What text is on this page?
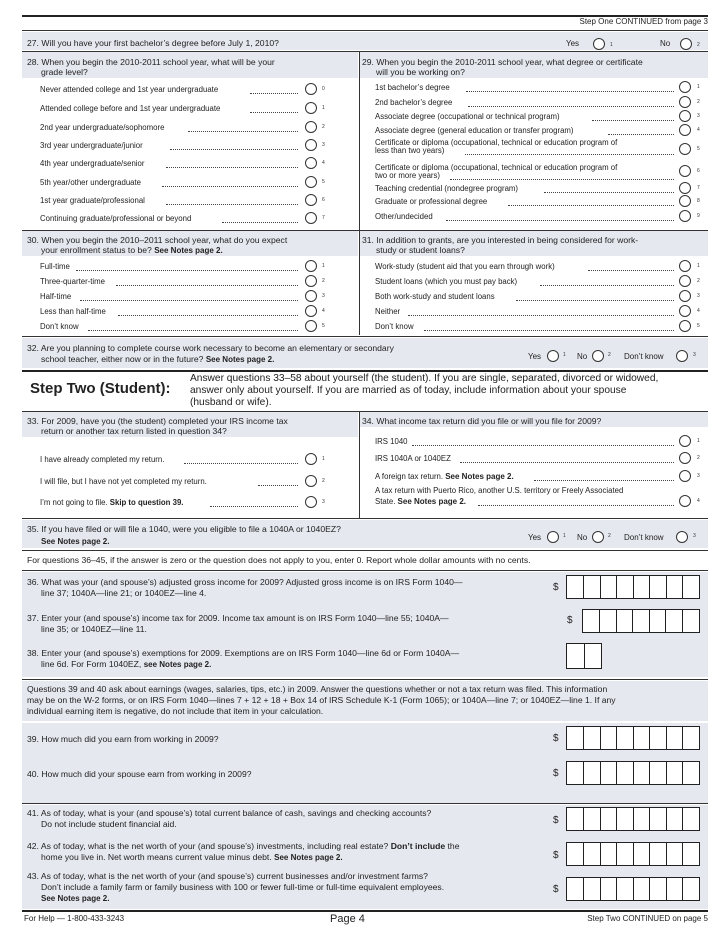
Step One CONTINUED from page 3
27. Will you have your first bachelor’s degree before July 1, 2010?	Yes	1	No	2
28. When you begin the 2010-2011 school year, what will be your
grade level?
29. When you begin the 2010-2011 school year, what degree or certificate
will you be working on?
Never attended college and 1st year undergraduate	0
Attended college before and 1st year undergraduate	1
2nd year undergraduate/sophomore	2
3rd year undergraduate/junior	3
4th year undergraduate/senior	4
5th year/other undergraduate	5
1st year graduate/professional	6
Continuing graduate/professional or beyond	7
1st bachelor’s degree	1
2nd bachelor’s degree	2
Associate degree (occupational or technical program)	3
Associate degree (general education or transfer program)	4
Certificate or diploma (occupational, technical or education program of
less than two years)	5
Certificate or diploma (occupational, technical or education program of
two or more years)	6
Teaching credential (nondegree program)	7
Graduate or professional degree	8
Other/undecided	9
30. When you begin the 2010–2011 school year, what do you expect
your enrollment status to be? See Notes page 2.
31. In addition to grants, are you interested in being considered for work-
study or student loans?
Full-time	1
Three-quarter-time	2
Half-time	3
Less than half-time	4
Don’t know	5
Work-study (student aid that you earn through work)	1
Student loans (which you must pay back)	2
Both work-study and student loans	3
Neither	4
Don’t know	5
32. Are you planning to complete course work necessary to become an elementary or secondary
school teacher, either now or in the future? See Notes page 2.	Yes	1 No	2 Don’t know	3
Step Two (Student):
Answer questions 33–58 about yourself (the student). If you are single, separated, divorced or widowed,
answer only about yourself. If you are married as of today, include information about your spouse
(husband or wife).
33. For 2009, have you (the student) completed your IRS income tax
return or another tax return listed in question 34?
34. What income tax return did you file or will you file for 2009?
I have already completed my return.	1
I will file, but I have not yet completed my return.	2
I’m not going to file. Skip to question 39.	3
IRS 1040	1
IRS 1040A or 1040EZ	2
A foreign tax return. See Notes page 2.	3
A tax return with Puerto Rico, another U.S. territory or Freely Associated
State. See Notes page 2.	4
35. If you have filed or will file a 1040, were you eligible to file a 1040A or 1040EZ?
See Notes page 2.	Yes	1 No	2 Don’t know	3
For questions 36–45, if the answer is zero or the question does not apply to you, enter 0. Report whole dollar amounts with no cents.
36. What was your (and spouse’s) adjusted gross income for 2009? Adjusted gross income is on IRS Form 1040—
line 37; 1040A—line 21; or 1040EZ—line 4.	$
37. Enter your (and spouse’s) income tax for 2009. Income tax amount is on IRS Form 1040—line 55; 1040A—
line 35; or 1040EZ—line 11.
$
38. Enter your (and spouse’s) exemptions for 2009. Exemptions are on IRS Form 1040—line 6d or Form 1040A—
line 6d. For Form 1040EZ, see Notes page 2.
Questions 39 and 40 ask about earnings (wages, salaries, tips, etc.) in 2009. Answer the questions whether or not a tax return was filed. This information
may be on the W-2 forms, or on IRS Form 1040—lines 7 + 12 + 18 + Box 14 of IRS Schedule K-1 (Form 1065); or 1040A—line 7; or 1040EZ—line 1. If any
individual earning item is negative, do not include that item in your calculation.
39. How much did you earn from working in 2009?	$
40. How much did your spouse earn from working in 2009?	$
41. As of today, what is your (and spouse’s) total current balance of cash, savings and checking accounts?
Do not include student financial aid.	$
42. As of today, what is the net worth of your (and spouse’s) investments, including real estate? Don’t include the
home you live in. Net worth means current value minus debt. See Notes page 2.	$
43. As of today, what is the net worth of your (and spouse’s) current businesses and/or investment farms?
Don’t include a family farm or family business with 100 or fewer full-time or full-time equivalent employees.
See Notes page 2.
$
For Help — 1-800-433-3243	Page 4	Step Two CONTINUED on page 5
